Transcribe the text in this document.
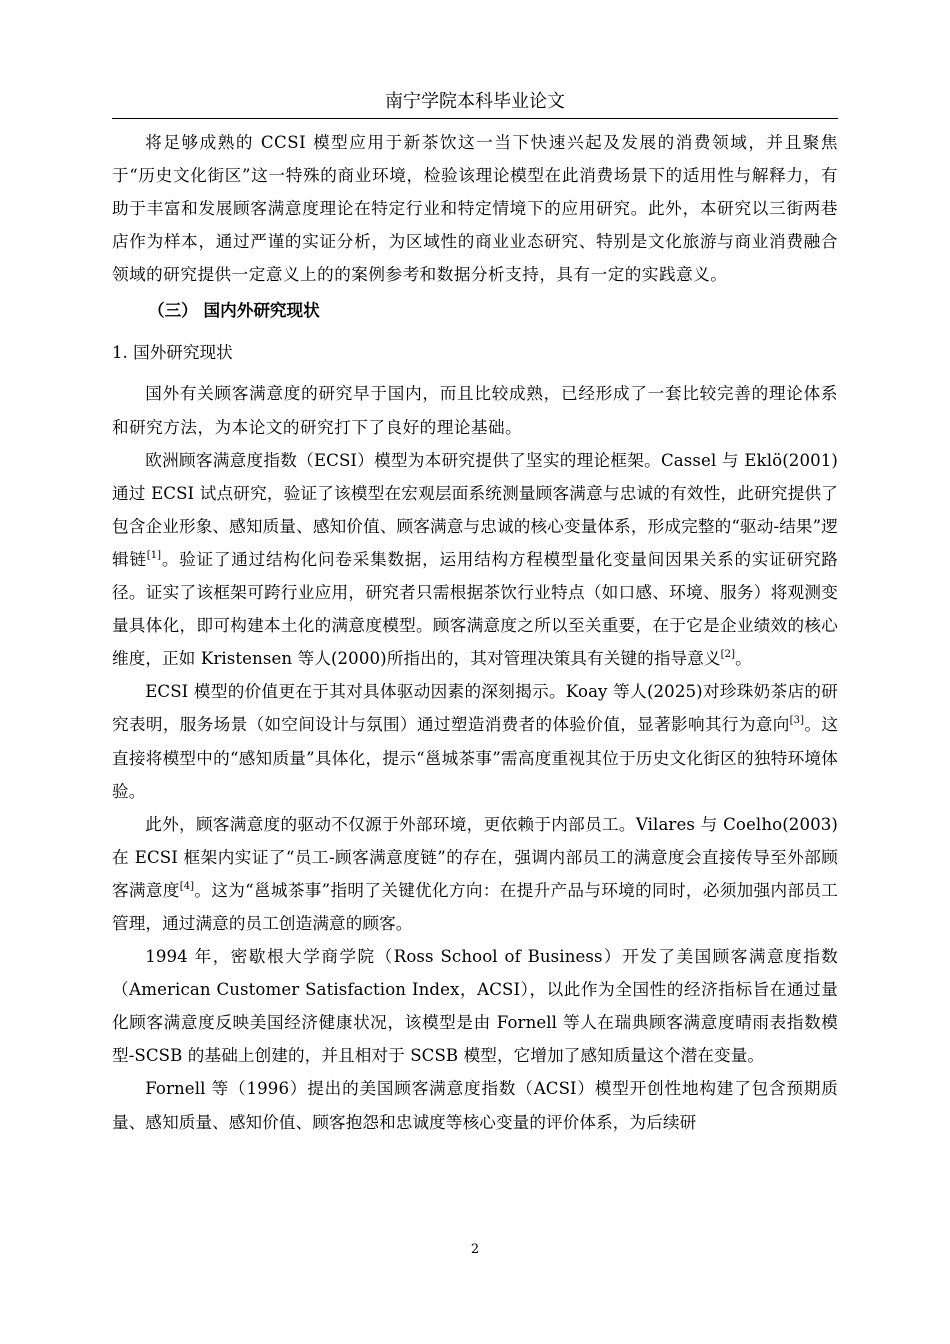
南宁学院本科毕业论文

将足够成熟的 CCSI 模型应用于新茶饮这一当下快速兴起及发展的消费领域，并且聚焦于“历史文化街区”这一特殊的商业环境，检验该理论模型在此消费场景下的适用性与解释力，有助于丰富和发展顾客满意度理论在特定行业和特定情境下的应用研究。此外，本研究以三街两巷店作为样本，通过严谨的实证分析，为区域性的商业业态研究、特别是文化旅游与商业消费融合领域的研究提供一定意义上的的案例参考和数据分析支持，具有一定的实践意义。

（三） 国内外研究现状

1. 国外研究现状

国外有关顾客满意度的研究早于国内，而且比较成熟，已经形成了一套比较完善的理论体系和研究方法，为本论文的研究打下了良好的理论基础。

欧洲顾客满意度指数（ECSI）模型为本研究提供了坚实的理论框架。Cassel 与 Eklö(2001)通过 ECSI 试点研究，验证了该模型在宏观层面系统测量顾客满意与忠诚的有效性，此研究提供了包含企业形象、感知质量、感知价值、顾客满意与忠诚的核心变量体系，形成完整的“驱动-结果”逻辑链[1]。验证了通过结构化问卷采集数据，运用结构方程模型量化变量间因果关系的实证研究路径。证实了该框架可跨行业应用，研究者只需根据茶饮行业特点（如口感、环境、服务）将观测变量具体化，即可构建本土化的满意度模型。顾客满意度之所以至关重要，在于它是企业绩效的核心维度，正如 Kristensen 等人(2000)所指出的，其对管理决策具有关键的指导意义[2]。

ECSI 模型的价值更在于其对具体驱动因素的深刻揭示。Koay 等人(2025)对珍珠奶茶店的研究表明，服务场景（如空间设计与氛围）通过塑造消费者的体验价值，显著影响其行为意向[3]。这直接将模型中的“感知质量”具体化，提示“邕城茶事”需高度重视其位于历史文化街区的独特环境体验。

此外，顾客满意度的驱动不仅源于外部环境，更依赖于内部员工。Vilares 与 Coelho(2003)在 ECSI 框架内实证了“员工-顾客满意度链”的存在，强调内部员工的满意度会直接传导至外部顾客满意度[4]。这为“邕城茶事”指明了关键优化方向：在提升产品与环境的同时，必须加强内部员工管理，通过满意的员工创造满意的顾客。

1994 年，密歇根大学商学院（Ross School of Business）开发了美国顾客满意度指数（American Customer Satisfaction Index，ACSI），以此作为全国性的经济指标旨在通过量化顾客满意度反映美国经济健康状况，该模型是由 Fornell 等人在瑞典顾客满意度晴雨表指数模型-SCSB 的基础上创建的，并且相对于 SCSB 模型，它增加了感知质量这个潜在变量。

Fornell 等（1996）提出的美国顾客满意度指数（ACSI）模型开创性地构建了包含预期质量、感知质量、感知价值、顾客抱怨和忠诚度等核心变量的评价体系，为后续研

2
